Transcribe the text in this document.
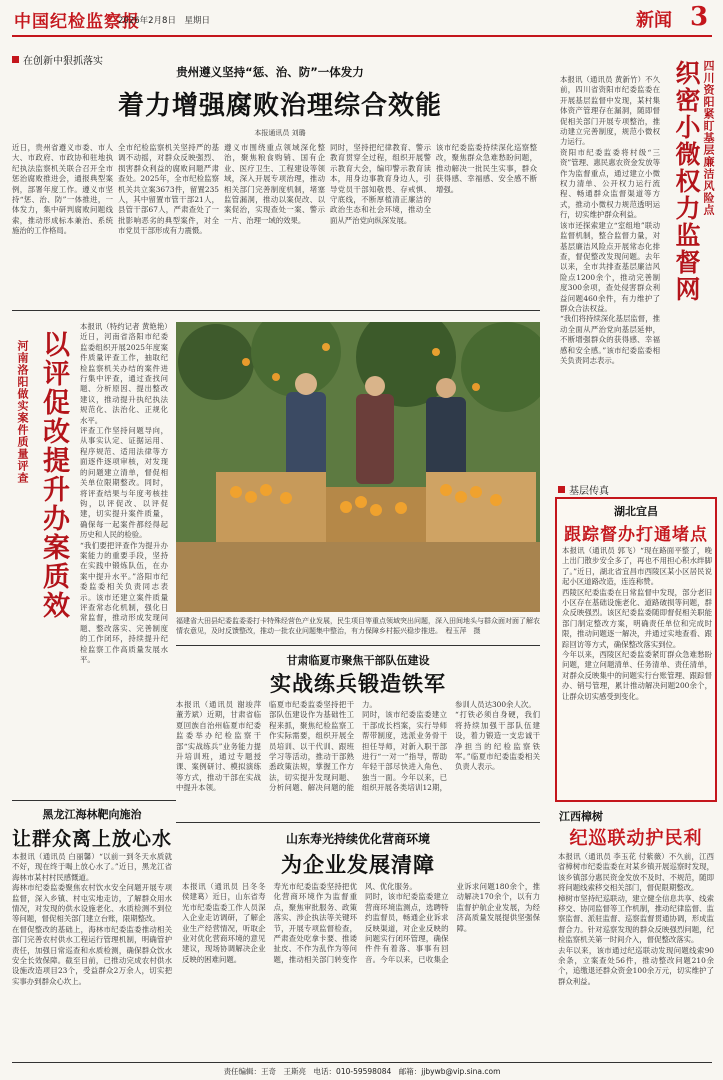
中国纪检监察报
2026年2月8日　星期日	新闻 3
在创新中狠抓落实
贵州遵义坚持“惩、治、防”一体发力
着力增强腐败治理综合效能
本报通讯员 刘璐
近日，贵州省遵义市委、市人大、市政府、市政协和驻地执纪执法监察机关联合召开全市惩治腐败推进会，通报典型案例，部署年度工作。遵义市坚持“惩、治、防”一体推进，一体发力，集中研判腐败问题线索，推动形成标本兼治、系统施治的工作格局。
全市纪检监察机关坚持严的基调不动摇，对群众反映强烈、损害群众利益的腐败问题严肃查处。2025年，全市纪检监察机关共立案3673件，留置235人，其中留置市管干部21人，县管干部67人，严肃查处了一批影响恶劣的典型案件，对全市党员干部形成有力震慑。
遵义市围绕重点领域深化整治，聚焦粮食购销、国有企业、医疗卫生、工程建设等领域，深入开展专项治理，推动相关部门完善制度机制，堵塞监管漏洞，推动以案促改、以案促治，实现查处一案、警示一片、治理一域的效果。
同时，坚持把纪律教育、警示教育贯穿全过程，组织开展警示教育大会，编印警示教育读本，用身边事教育身边人，引导党员干部知敬畏、存戒惧、守底线，不断厚植清正廉洁的政治生态和社会环境，推动全面从严治党向纵深发展。
该市纪委监委持续深化巡察整改，聚焦群众急难愁盼问题，推动解决一批民生实事，群众获得感、幸福感、安全感不断增强。	四川资阳紧盯基层廉洁风险点
织密小微权力监督网
本报讯（通讯员 黄新竹）不久前，四川省资阳市纪委监委在开展基层监督中发现，某村集体资产管理存在漏洞，随即督促相关部门开展专项整治，推动建立完善制度，规范小微权力运行。
资阳市纪委监委将村级“三资”管理、惠民惠农资金发放等作为监督重点，通过建立小微权力清单、公开权力运行流程、畅通群众监督渠道等方式，推动小微权力规范透明运行，切实维护群众利益。
该市还探索建立“室组地”联动监督机制，整合监督力量，对基层廉洁风险点开展常态化排查，督促整改发现问题。去年以来，全市共排查基层廉洁风险点1200余个，推动完善制度300余项，查处侵害群众利益问题460余件，有力维护了群众合法权益。
“我们将持续深化基层监督，推动全面从严治党向基层延伸，不断增强群众的获得感、幸福感和安全感。”该市纪委监委相关负责同志表示。
河南洛阳做实案件质量评查 以评促改提升办案质效
本报讯（特约记者 黄艳艳）近日，河南省洛阳市纪委监委组织开展2025年度案件质量评查工作，抽取纪检监察机关办结的案件进行集中评查，通过查找问题、分析原因、提出整改建议，推动提升执纪执法规范化、法治化、正规化水平。
评查工作坚持问题导向，从事实认定、证据运用、程序规范、适用法律等方面逐件逐项审核，对发现的问题建立清单，督促相关单位限期整改。同时，将评查结果与年度考核挂钩，以评促改、以评促建，切实提升案件质量，确保每一起案件都经得起历史和人民的检验。
“我们要把评查作为提升办案能力的重要手段，坚持在实践中锻炼队伍，在办案中提升水平。”洛阳市纪委监委相关负责同志表示。该市还建立案件质量评查常态化机制，强化日常监督，推动形成发现问题、整改落实、完善制度的工作闭环，持续提升纪检监察工作高质量发展水平。
福建省大田县纪委监委委打卡特殊经营色产业发展，民生项目等重点领域突出问题，深入田间地头与群众面对面了解农情农意见，及时反馈整改，推动一批农业问题集中整治，有力保障乡村振兴稳步推进。　程玉萍　摄
基层传真
湖北宜昌
跟踪督办打通堵点
本报讯（通讯员 郭飞）“现在路面平整了，晚上出门散步安全多了，再也不用担心积水绊脚了。”近日，湖北省宜昌市西陵区某小区居民说起小区道路改造，连连称赞。
西陵区纪委监委在日常监督中发现，部分老旧小区存在基础设施老化、道路破损等问题，群众反映强烈。该区纪委监委随即督促相关职能部门制定整改方案，明确责任单位和完成时限，推动问题逐一解决，并通过实地查看、跟踪回访等方式，确保整改落实到位。
今年以来，西陵区纪委监委紧盯群众急难愁盼问题，建立问题清单、任务清单、责任清单，对群众反映集中的问题实行台账管理、跟踪督办、销号管理，累计推动解决问题200余个，让群众切实感受到变化。
甘肃临夏市聚焦干部队伍建设
实战练兵锻造铁军
本报讯（通讯员 谢竣萍 董芳斌）近期，甘肃省临夏回族自治州临夏市纪委监委举办纪检监察干部“实战练兵”业务能力提升培训班，通过专题授课、案例研讨、模拟演练等方式，推动干部在实战中提升本领。
临夏市纪委监委坚持把干部队伍建设作为基础性工程来抓，聚焦纪检监察工作实际需要，组织开展全员培训、以干代训、跟班学习等活动，推动干部熟悉政策法规，掌握工作方法，切实提升发现问题、分析问题、解决问题的能力。
同时，该市纪委监委建立干部成长档案，实行导师帮带制度，选派业务骨干担任导师，对新入职干部进行“一对一”指导，帮助年轻干部尽快进入角色、独当一面。今年以来，已组织开展各类培训12期，参训人员达300余人次。
“打铁必须自身硬，我们将持续加强干部队伍建设，着力锻造一支忠诚干净担当的纪检监察铁军。”临夏市纪委监委相关负责人表示。
黑龙江海林靶向施治
让群众离上放心水
本报讯（通讯员 白丽馨）“以前一到冬天水质就不好，现在终于喝上放心水了。”近日，黑龙江省海林市某村村民感慨道。
海林市纪委监委聚焦农村饮水安全问题开展专项监督，深入乡镇、村屯实地走访，了解群众用水情况，对发现的供水设施老化、水质检测不到位等问题，督促相关部门建立台账，限期整改。
在督促整改的基础上，海林市纪委监委推动相关部门完善农村供水工程运行管理机制，明确管护责任，加强日常巡查和水质检测，确保群众饮水安全长效保障。截至目前，已推动完成农村供水设施改造项目23个，受益群众2万余人，切实把实事办到群众心坎上。
山东寿光持续优化营商环境
为企业发展清障
本报讯（通讯员 吕冬冬 侯建葛）近日，山东省寿光市纪委监委工作人员深入企业走访调研，了解企业生产经营情况，听取企业对优化营商环境的意见建议，现场协调解决企业反映的困难问题。
寿光市纪委监委坚持把优化营商环境作为监督重点，聚焦审批服务、政策落实、涉企执法等关键环节，开展专项监督检查，严肃查处吃拿卡要、推诿扯皮、不作为乱作为等问题，推动相关部门转变作风、优化服务。
同时，该市纪委监委建立营商环境监测点，选聘特约监督员，畅通企业诉求反映渠道，对企业反映的问题实行闭环管理，确保件件有着落、事事有回音。今年以来，已收集企业诉求问题180余个，推动解决170余个，以有力监督护航企业发展，为经济高质量发展提供坚强保障。
江西樟树
纪巡联动护民利
本报讯（通讯员 李玉花 付紫薇）不久前，江西省樟树市纪委监委在对某乡镇开展巡察时发现，该乡镇部分惠民资金发放不及时、不规范，随即将问题线索移交相关部门，督促限期整改。
樟树市坚持纪巡联动，建立健全信息共享、线索移交、协同监督等工作机制，推动纪律监督、监察监督、派驻监督、巡察监督贯通协调，形成监督合力。针对巡察发现的群众反映强烈问题，纪检监察机关第一时间介入，督促整改落实。
去年以来，该市通过纪巡联动发现问题线索90余条，立案查处56件，推动整改问题210余个，追缴退还群众资金100余万元，切实维护了群众利益。
责任编辑：王奇　王斯亮　电话：010-59598084　邮箱：jjbywb@vip.sina.com
